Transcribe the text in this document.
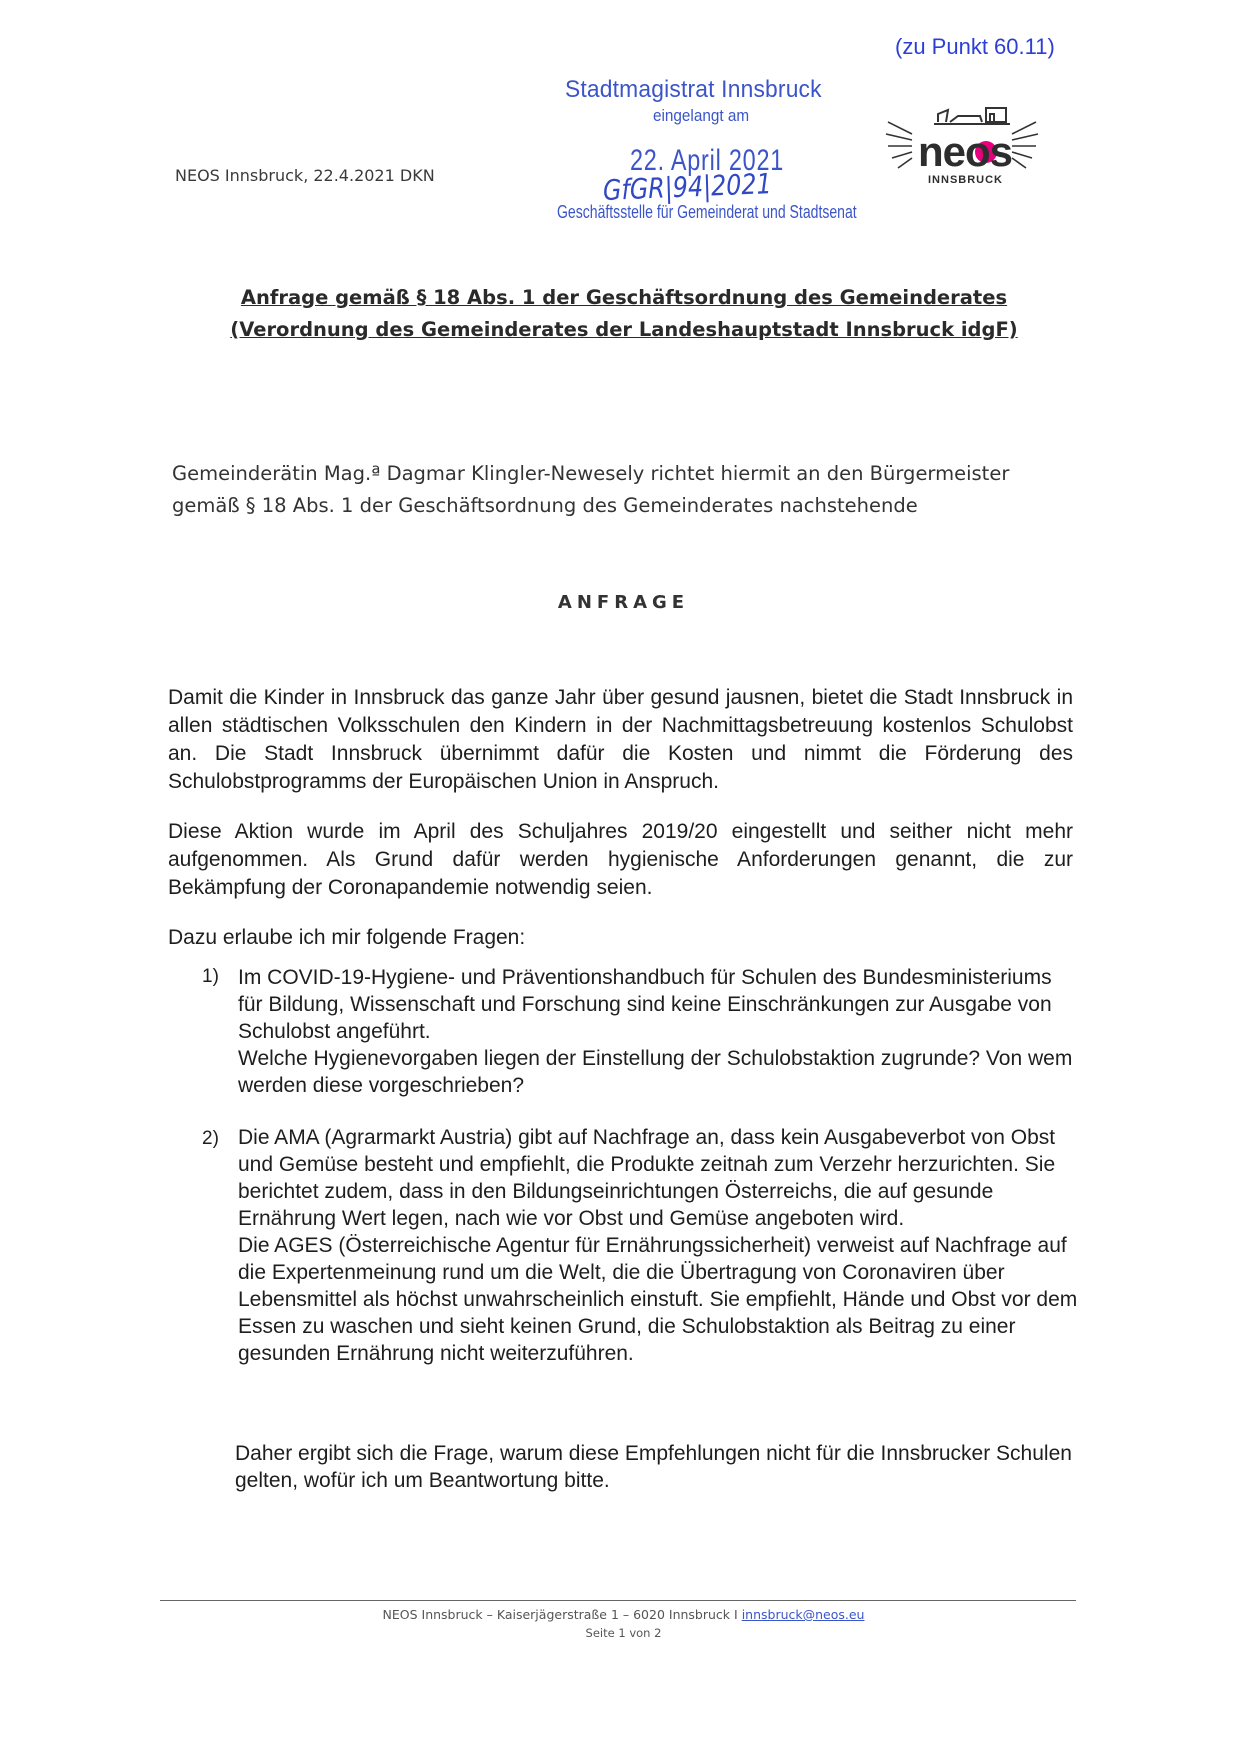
(zu Punkt 60.11)
NEOS Innsbruck, 22.4.2021 DKN
Stadtmagistrat Innsbruck
eingelangt am
22. April 2021
GfGR|94|2021
Geschäftsstelle für Gemeinderat und Stadtsenat
neos
INNSBRUCK
Anfrage gemäß § 18 Abs. 1 der Geschäftsordnung des Gemeinderates
(Verordnung des Gemeinderates der Landeshauptstadt Innsbruck idgF)
Gemeinderätin Mag.ª Dagmar Klingler-Newesely richtet hiermit an den Bürgermeister
gemäß § 18 Abs. 1 der Geschäftsordnung des Gemeinderates nachstehende
ANFRAGE
Damit die Kinder in Innsbruck das ganze Jahr über gesund jausnen, bietet die Stadt Innsbruck in allen städtischen Volksschulen den Kindern in der Nachmittagsbetreuung kostenlos Schulobst an. Die Stadt Innsbruck übernimmt dafür die Kosten und nimmt die Förderung des Schulobstprogramms der Europäischen Union in Anspruch.
Diese Aktion wurde im April des Schuljahres 2019/20 eingestellt und seither nicht mehr aufgenommen. Als Grund dafür werden hygienische Anforderungen genannt, die zur Bekämpfung der Coronapandemie notwendig seien.
Dazu erlaube ich mir folgende Fragen:
1) Im COVID-19-Hygiene- und Präventionshandbuch für Schulen des Bundesministeriums für Bildung, Wissenschaft und Forschung sind keine Einschränkungen zur Ausgabe von Schulobst angeführt.
Welche Hygienevorgaben liegen der Einstellung der Schulobstaktion zugrunde? Von wem werden diese vorgeschrieben?
2) Die AMA (Agrarmarkt Austria) gibt auf Nachfrage an, dass kein Ausgabeverbot von Obst und Gemüse besteht und empfiehlt, die Produkte zeitnah zum Verzehr herzurichten. Sie berichtet zudem, dass in den Bildungseinrichtungen Österreichs, die auf gesunde Ernährung Wert legen, nach wie vor Obst und Gemüse angeboten wird.
Die AGES (Österreichische Agentur für Ernährungssicherheit) verweist auf Nachfrage auf die Expertenmeinung rund um die Welt, die die Übertragung von Coronaviren über Lebensmittel als höchst unwahrscheinlich einstuft. Sie empfiehlt, Hände und Obst vor dem Essen zu waschen und sieht keinen Grund, die Schulobstaktion als Beitrag zu einer gesunden Ernährung nicht weiterzuführen.
Daher ergibt sich die Frage, warum diese Empfehlungen nicht für die Innsbrucker Schulen gelten, wofür ich um Beantwortung bitte.
NEOS Innsbruck – Kaiserjägerstraße 1 – 6020 Innsbruck I innsbruck@neos.eu
Seite 1 von 2
